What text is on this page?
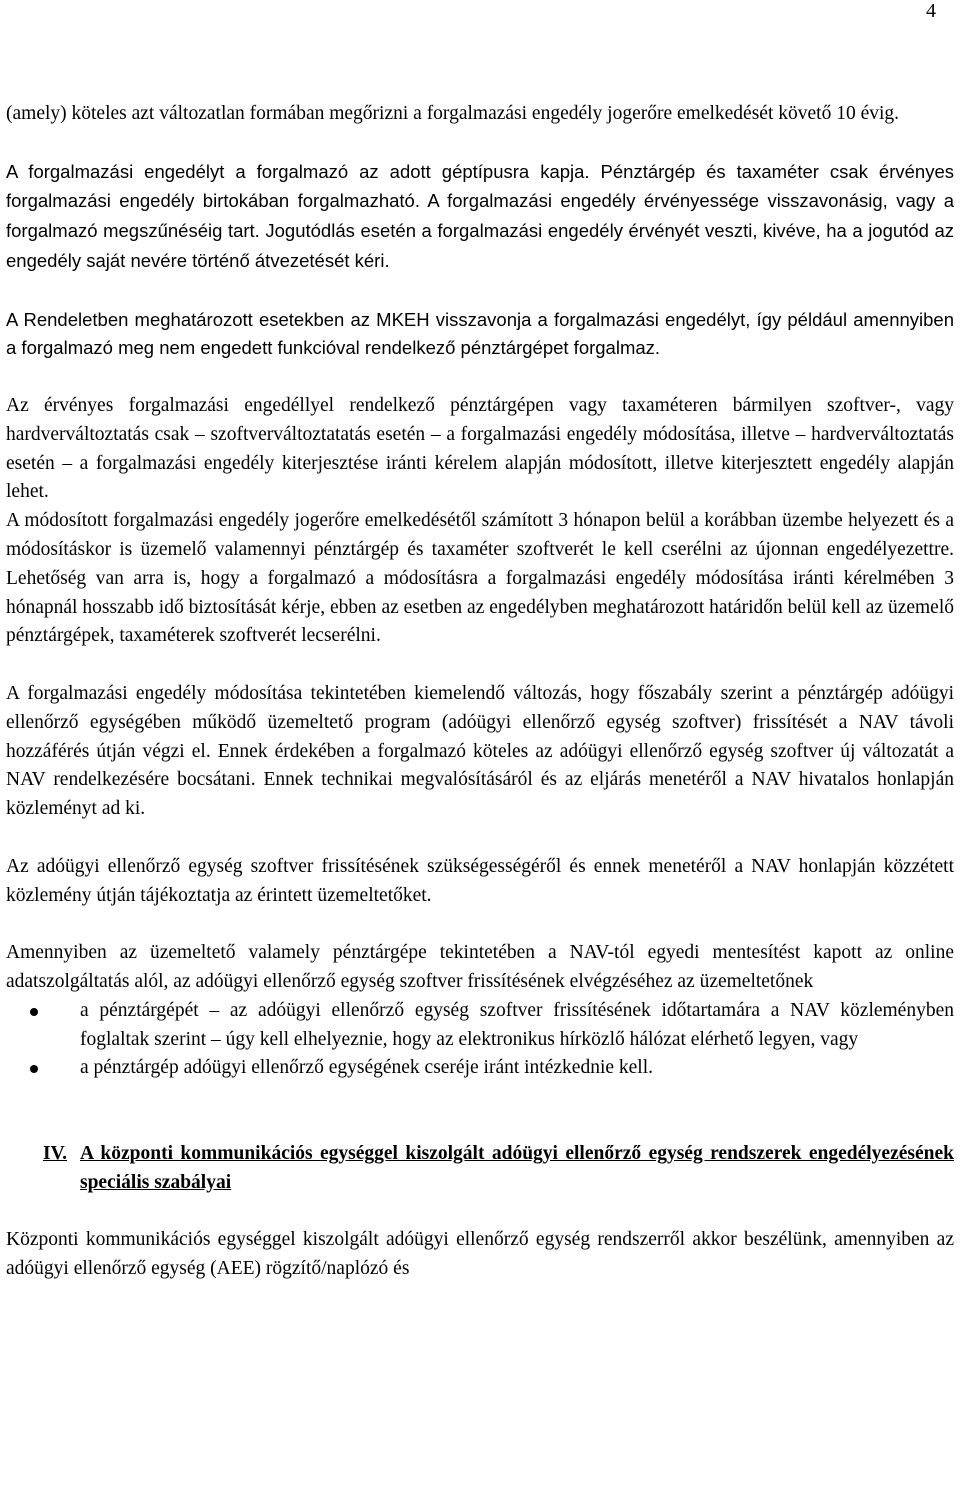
4

(amely) köteles azt változatlan formában megőrizni a forgalmazási engedély jogerőre emelkedését követő 10 évig.

A forgalmazási engedélyt a forgalmazó az adott géptípusra kapja. Pénztárgép és taxaméter csak érvényes forgalmazási engedély birtokában forgalmazható. A forgalmazási engedély érvényessége visszavonásig, vagy a forgalmazó megszűnéséig tart. Jogutódlás esetén a forgalmazási engedély érvényét veszti, kivéve, ha a jogutód az engedély saját nevére történő átvezetését kéri.

A Rendeletben meghatározott esetekben az MKEH visszavonja a forgalmazási engedélyt, így például amennyiben a forgalmazó meg nem engedett funkcióval rendelkező pénztárgépet forgalmaz.

Az érvényes forgalmazási engedéllyel rendelkező pénztárgépen vagy taxaméteren bármilyen szoftver-, vagy hardverváltoztatás csak – szoftverváltoztatatás esetén – a forgalmazási engedély módosítása, illetve – hardverváltoztatás esetén – a forgalmazási engedély kiterjesztése iránti kérelem alapján módosított, illetve kiterjesztett engedély alapján lehet.

A módosított forgalmazási engedély jogerőre emelkedésétől számított 3 hónapon belül a korábban üzembe helyezett és a módosításkor is üzemelő valamennyi pénztárgép és taxaméter szoftverét le kell cserélni az újonnan engedélyezettre. Lehetőség van arra is, hogy a forgalmazó a módosításra a forgalmazási engedély módosítása iránti kérelmében 3 hónapnál hosszabb idő biztosítását kérje, ebben az esetben az engedélyben meghatározott határidőn belül kell az üzemelő pénztárgépek, taxaméterek szoftverét lecserélni.

A forgalmazási engedély módosítása tekintetében kiemelendő változás, hogy főszabály szerint a pénztárgép adóügyi ellenőrző egységében működő üzemeltető program (adóügyi ellenőrző egység szoftver) frissítését a NAV távoli hozzáférés útján végzi el. Ennek érdekében a forgalmazó köteles az adóügyi ellenőrző egység szoftver új változatát a NAV rendelkezésére bocsátani. Ennek technikai megvalósításáról és az eljárás menetéről a NAV hivatalos honlapján közleményt ad ki.

Az adóügyi ellenőrző egység szoftver frissítésének szükségességéről és ennek menetéről a NAV honlapján közzétett közlemény útján tájékoztatja az érintett üzemeltetőket.

Amennyiben az üzemeltető valamely pénztárgépe tekintetében a NAV-tól egyedi mentesítést kapott az online adatszolgáltatás alól, az adóügyi ellenőrző egység szoftver frissítésének elvégzéséhez az üzemeltetőnek

a pénztárgépét – az adóügyi ellenőrző egység szoftver frissítésének időtartamára a NAV közleményben foglaltak szerint – úgy kell elhelyeznie, hogy az elektronikus hírközlő hálózat elérhető legyen, vagy
a pénztárgép adóügyi ellenőrző egységének cseréje iránt intézkednie kell.
IV. A központi kommunikációs egységgel kiszolgált adóügyi ellenőrző egység rendszerek engedélyezésének speciális szabályai

Központi kommunikációs egységgel kiszolgált adóügyi ellenőrző egység rendszerről akkor beszélünk, amennyiben az adóügyi ellenőrző egység (AEE) rögzítő/naplózó és
